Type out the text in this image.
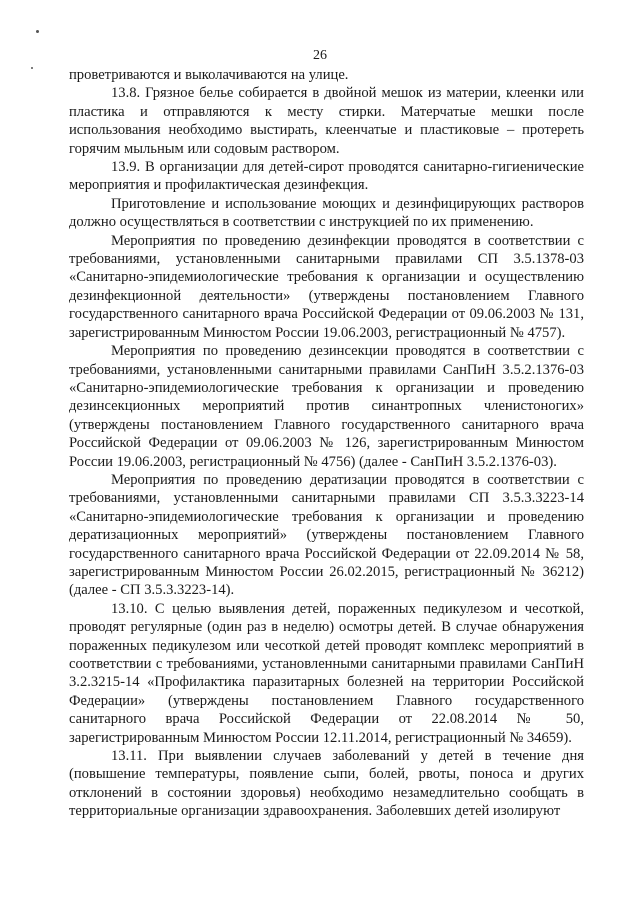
26

проветриваются и выколачиваются на улице.

13.8. Грязное белье собирается в двойной мешок из материи, клеенки или пластика и отправляются к месту стирки. Матерчатые мешки после использования необходимо выстирать, клеенчатые и пластиковые – протереть горячим мыльным или содовым раствором.

13.9. В организации для детей-сирот проводятся санитарно-гигиенические мероприятия и профилактическая дезинфекция.

Приготовление и использование моющих и дезинфицирующих растворов должно осуществляться в соответствии с инструкцией по их применению.

Мероприятия по проведению дезинфекции проводятся в соответствии с требованиями, установленными санитарными правилами СП 3.5.1378-03 «Санитарно-эпидемиологические требования к организации и осуществлению дезинфекционной деятельности» (утверждены постановлением Главного государственного санитарного врача Российской Федерации от 09.06.2003 № 131, зарегистрированным Минюстом России 19.06.2003, регистрационный № 4757).

Мероприятия по проведению дезинсекции проводятся в соответствии с требованиями, установленными санитарными правилами СанПиН 3.5.2.1376-03 «Санитарно-эпидемиологические требования к организации и проведению дезинсекционных мероприятий против синантропных членистоногих» (утверждены постановлением Главного государственного санитарного врача Российской Федерации от 09.06.2003 № 126, зарегистрированным Минюстом России 19.06.2003, регистрационный № 4756) (далее - СанПиН 3.5.2.1376-03).

Мероприятия по проведению дератизации проводятся в соответствии с требованиями, установленными санитарными правилами СП 3.5.3.3223-14 «Санитарно-эпидемиологические требования к организации и проведению дератизационных мероприятий» (утверждены постановлением Главного государственного санитарного врача Российской Федерации от 22.09.2014 № 58, зарегистрированным Минюстом России 26.02.2015, регистрационный № 36212) (далее - СП 3.5.3.3223-14).

13.10. С целью выявления детей, пораженных педикулезом и чесоткой, проводят регулярные (один раз в неделю) осмотры детей. В случае обнаружения пораженных педикулезом или чесоткой детей проводят комплекс мероприятий в соответствии с требованиями, установленными санитарными правилами СанПиН 3.2.3215-14 «Профилактика паразитарных болезней на территории Российской Федерации» (утверждены постановлением Главного государственного санитарного врача Российской Федерации от 22.08.2014 № 50, зарегистрированным Минюстом России 12.11.2014, регистрационный № 34659).

13.11. При выявлении случаев заболеваний у детей в течение дня (повышение температуры, появление сыпи, болей, рвоты, поноса и других отклонений в состоянии здоровья) необходимо незамедлительно сообщать в территориальные организации здравоохранения. Заболевших детей изолируют
